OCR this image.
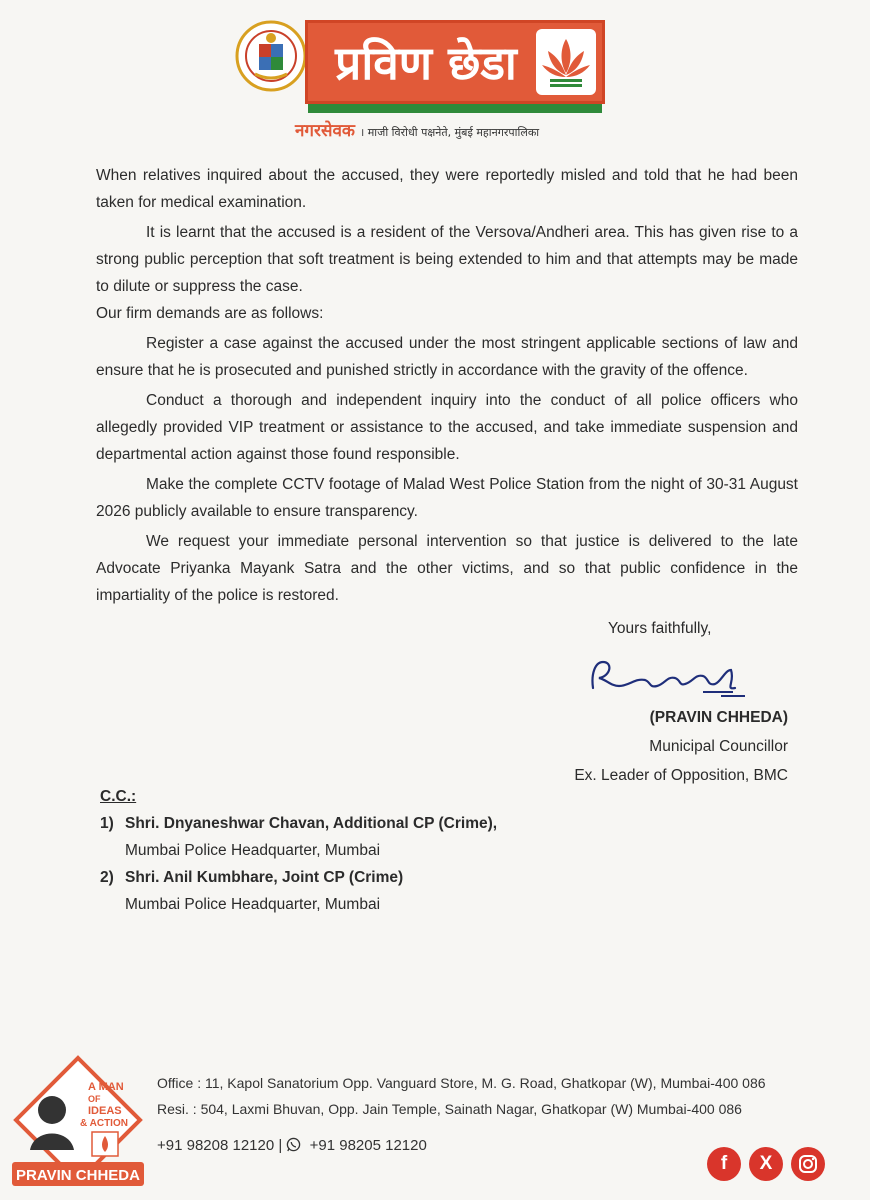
प्रविण छेडा
नगरसेवक । माजी विरोधी पक्षनेते, मुंबई महानगरपालिका

When relatives inquired about the accused, they were reportedly misled and told that he had been taken for medical examination.

It is learnt that the accused is a resident of the Versova/Andheri area. This has given rise to a strong public perception that soft treatment is being extended to him and that attempts may be made to dilute or suppress the case.

Our firm demands are as follows:

Register a case against the accused under the most stringent applicable sections of law and ensure that he is prosecuted and punished strictly in accordance with the gravity of the offence.

Conduct a thorough and independent inquiry into the conduct of all police officers who allegedly provided VIP treatment or assistance to the accused, and take immediate suspension and departmental action against those found responsible.

Make the complete CCTV footage of Malad West Police Station from the night of 30-31 August 2026 publicly available to ensure transparency.

We request your immediate personal intervention so that justice is delivered to the late Advocate Priyanka Mayank Satra and the other victims, and so that public confidence in the impartiality of the police is restored.

Yours faithfully,
(PRAVIN CHHEDA)
Municipal Councillor
Ex. Leader of Opposition, BMC
C.C.:
1) Shri. Dnyaneshwar Chavan, Additional CP (Crime),
Mumbai Police Headquarter, Mumbai
2) Shri. Anil Kumbhare, Joint CP (Crime)
Mumbai Police Headquarter, Mumbai
A MAN
OF
IDEAS
& ACTION
PRAVIN CHHEDA
Office : 11, Kapol Sanatorium Opp. Vanguard Store, M. G. Road, Ghatkopar (W), Mumbai-400 086
Resi. : 504, Laxmi Bhuvan, Opp. Jain Temple, Sainath Nagar, Ghatkopar (W) Mumbai-400 086
+91 98208 12120 | +91 98205 12120
f	X
